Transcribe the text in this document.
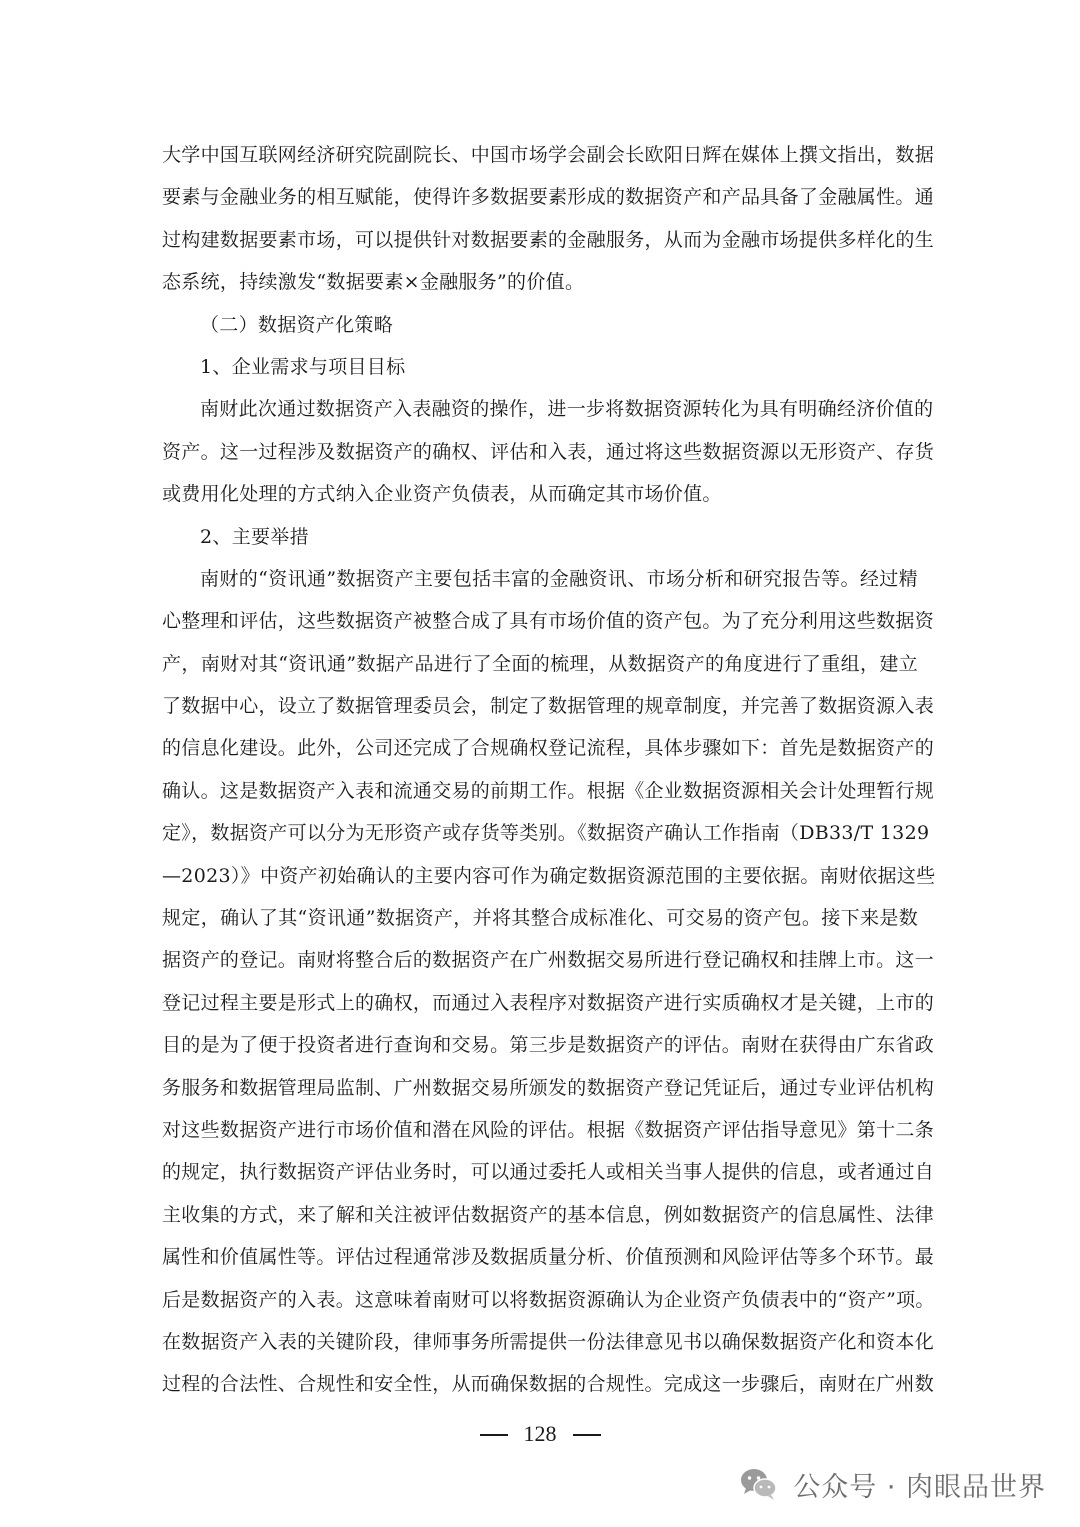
大学中国互联网经济研究院副院长、中国市场学会副会长欧阳日辉在媒体上撰文指出，数据
要素与金融业务的相互赋能，使得许多数据要素形成的数据资产和产品具备了金融属性。通
过构建数据要素市场，可以提供针对数据要素的金融服务，从而为金融市场提供多样化的生
态系统，持续激发“数据要素×金融服务”的价值。
（二）数据资产化策略
1、企业需求与项目目标
南财此次通过数据资产入表融资的操作，进一步将数据资源转化为具有明确经济价值的
资产。这一过程涉及数据资产的确权、评估和入表，通过将这些数据资源以无形资产、存货
或费用化处理的方式纳入企业资产负债表，从而确定其市场价值。
2、主要举措
南财的“资讯通”数据资产主要包括丰富的金融资讯、市场分析和研究报告等。经过精
心整理和评估，这些数据资产被整合成了具有市场价值的资产包。为了充分利用这些数据资
产，南财对其“资讯通”数据产品进行了全面的梳理，从数据资产的角度进行了重组，建立
了数据中心，设立了数据管理委员会，制定了数据管理的规章制度，并完善了数据资源入表
的信息化建设。此外，公司还完成了合规确权登记流程，具体步骤如下：首先是数据资产的
确认。这是数据资产入表和流通交易的前期工作。根据《企业数据资源相关会计处理暂行规
定》，数据资产可以分为无形资产或存货等类别。《数据资产确认工作指南（DB33/T 1329
—2023）》中资产初始确认的主要内容可作为确定数据资源范围的主要依据。南财依据这些
规定，确认了其“资讯通”数据资产，并将其整合成标准化、可交易的资产包。接下来是数
据资产的登记。南财将整合后的数据资产在广州数据交易所进行登记确权和挂牌上市。这一
登记过程主要是形式上的确权，而通过入表程序对数据资产进行实质确权才是关键，上市的
目的是为了便于投资者进行查询和交易。第三步是数据资产的评估。南财在获得由广东省政
务服务和数据管理局监制、广州数据交易所颁发的数据资产登记凭证后，通过专业评估机构
对这些数据资产进行市场价值和潜在风险的评估。根据《数据资产评估指导意见》第十二条
的规定，执行数据资产评估业务时，可以通过委托人或相关当事人提供的信息，或者通过自
主收集的方式，来了解和关注被评估数据资产的基本信息，例如数据资产的信息属性、法律
属性和价值属性等。评估过程通常涉及数据质量分析、价值预测和风险评估等多个环节。最
后是数据资产的入表。这意味着南财可以将数据资源确认为企业资产负债表中的“资产”项。
在数据资产入表的关键阶段，律师事务所需提供一份法律意见书以确保数据资产化和资本化
过程的合法性、合规性和安全性，从而确保数据的合规性。完成这一步骤后，南财在广州数
128
公众号 · 肉眼品世界
